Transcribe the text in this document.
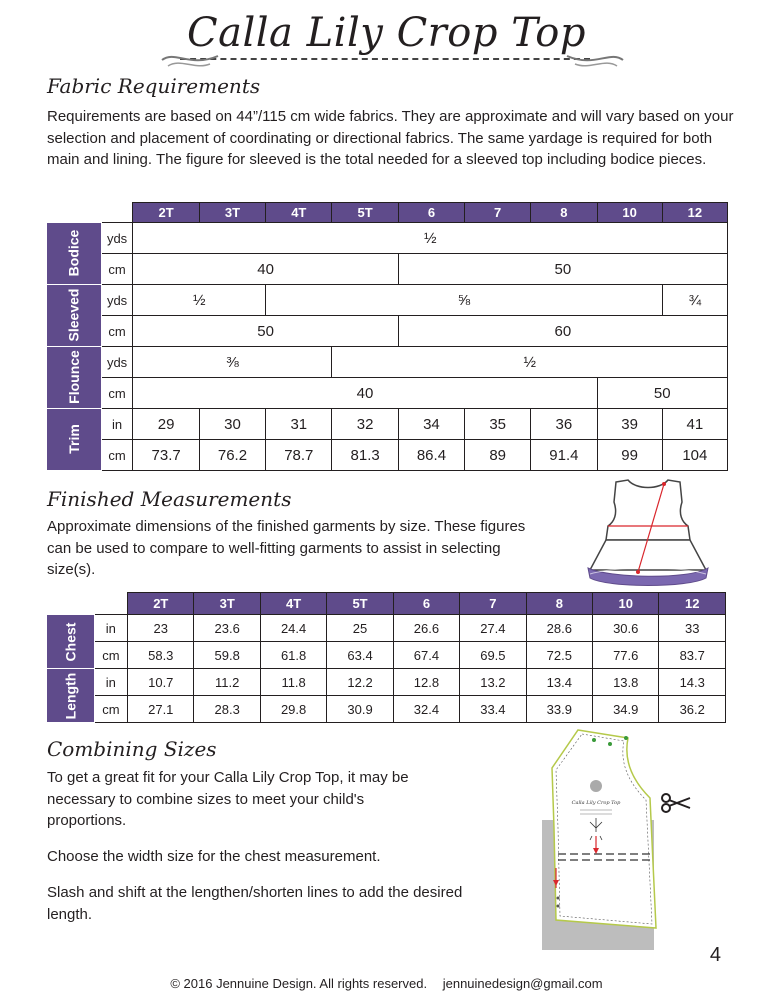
Calla Lily Crop Top
Fabric Requirements
Requirements are based on 44”/115 cm wide fabrics. They are approximate and will vary based on your selection and placement of coordinating or directional fabrics. The same yardage is required for both main and lining. The figure for sleeved is the total needed for a sleeved top including bodice pieces.
		2T	3T	4T	5T	6	7	8	10	12
Bodice	yds	½								
	cm	40				50				
Sleeved	yds	½		⅝						¾
	cm	50				60				
Flounce	yds	⅜			½					
	cm	40							50	
Trim	in	29	30	31	32	34	35	36	39	41
	cm	73.7	76.2	78.7	81.3	86.4	89	91.4	99	104
Finished Measurements
Approximate dimensions of the finished garments by size. These figures can be used to compare to well-fitting garments to assist in selecting size(s).
		2T	3T	4T	5T	6	7	8	10	12
Chest	in	23	23.6	24.4	25	26.6	27.4	28.6	30.6	33
	cm	58.3	59.8	61.8	63.4	67.4	69.5	72.5	77.6	83.7
Length	in	10.7	11.2	11.8	12.2	12.8	13.2	13.4	13.8	14.3
	cm	27.1	28.3	29.8	30.9	32.4	33.4	33.9	34.9	36.2
Combining Sizes
To get a great fit for your Calla Lily Crop Top, it may be necessary to combine sizes to meet your child's proportions.
Choose the width size for the chest measurement.
Slash and shift at the lengthen/shorten lines to add the desired length.
Calla Lily Crop Top
4
© 2016 Jennuine Design. All rights reserved. jennuinedesign@gmail.com
